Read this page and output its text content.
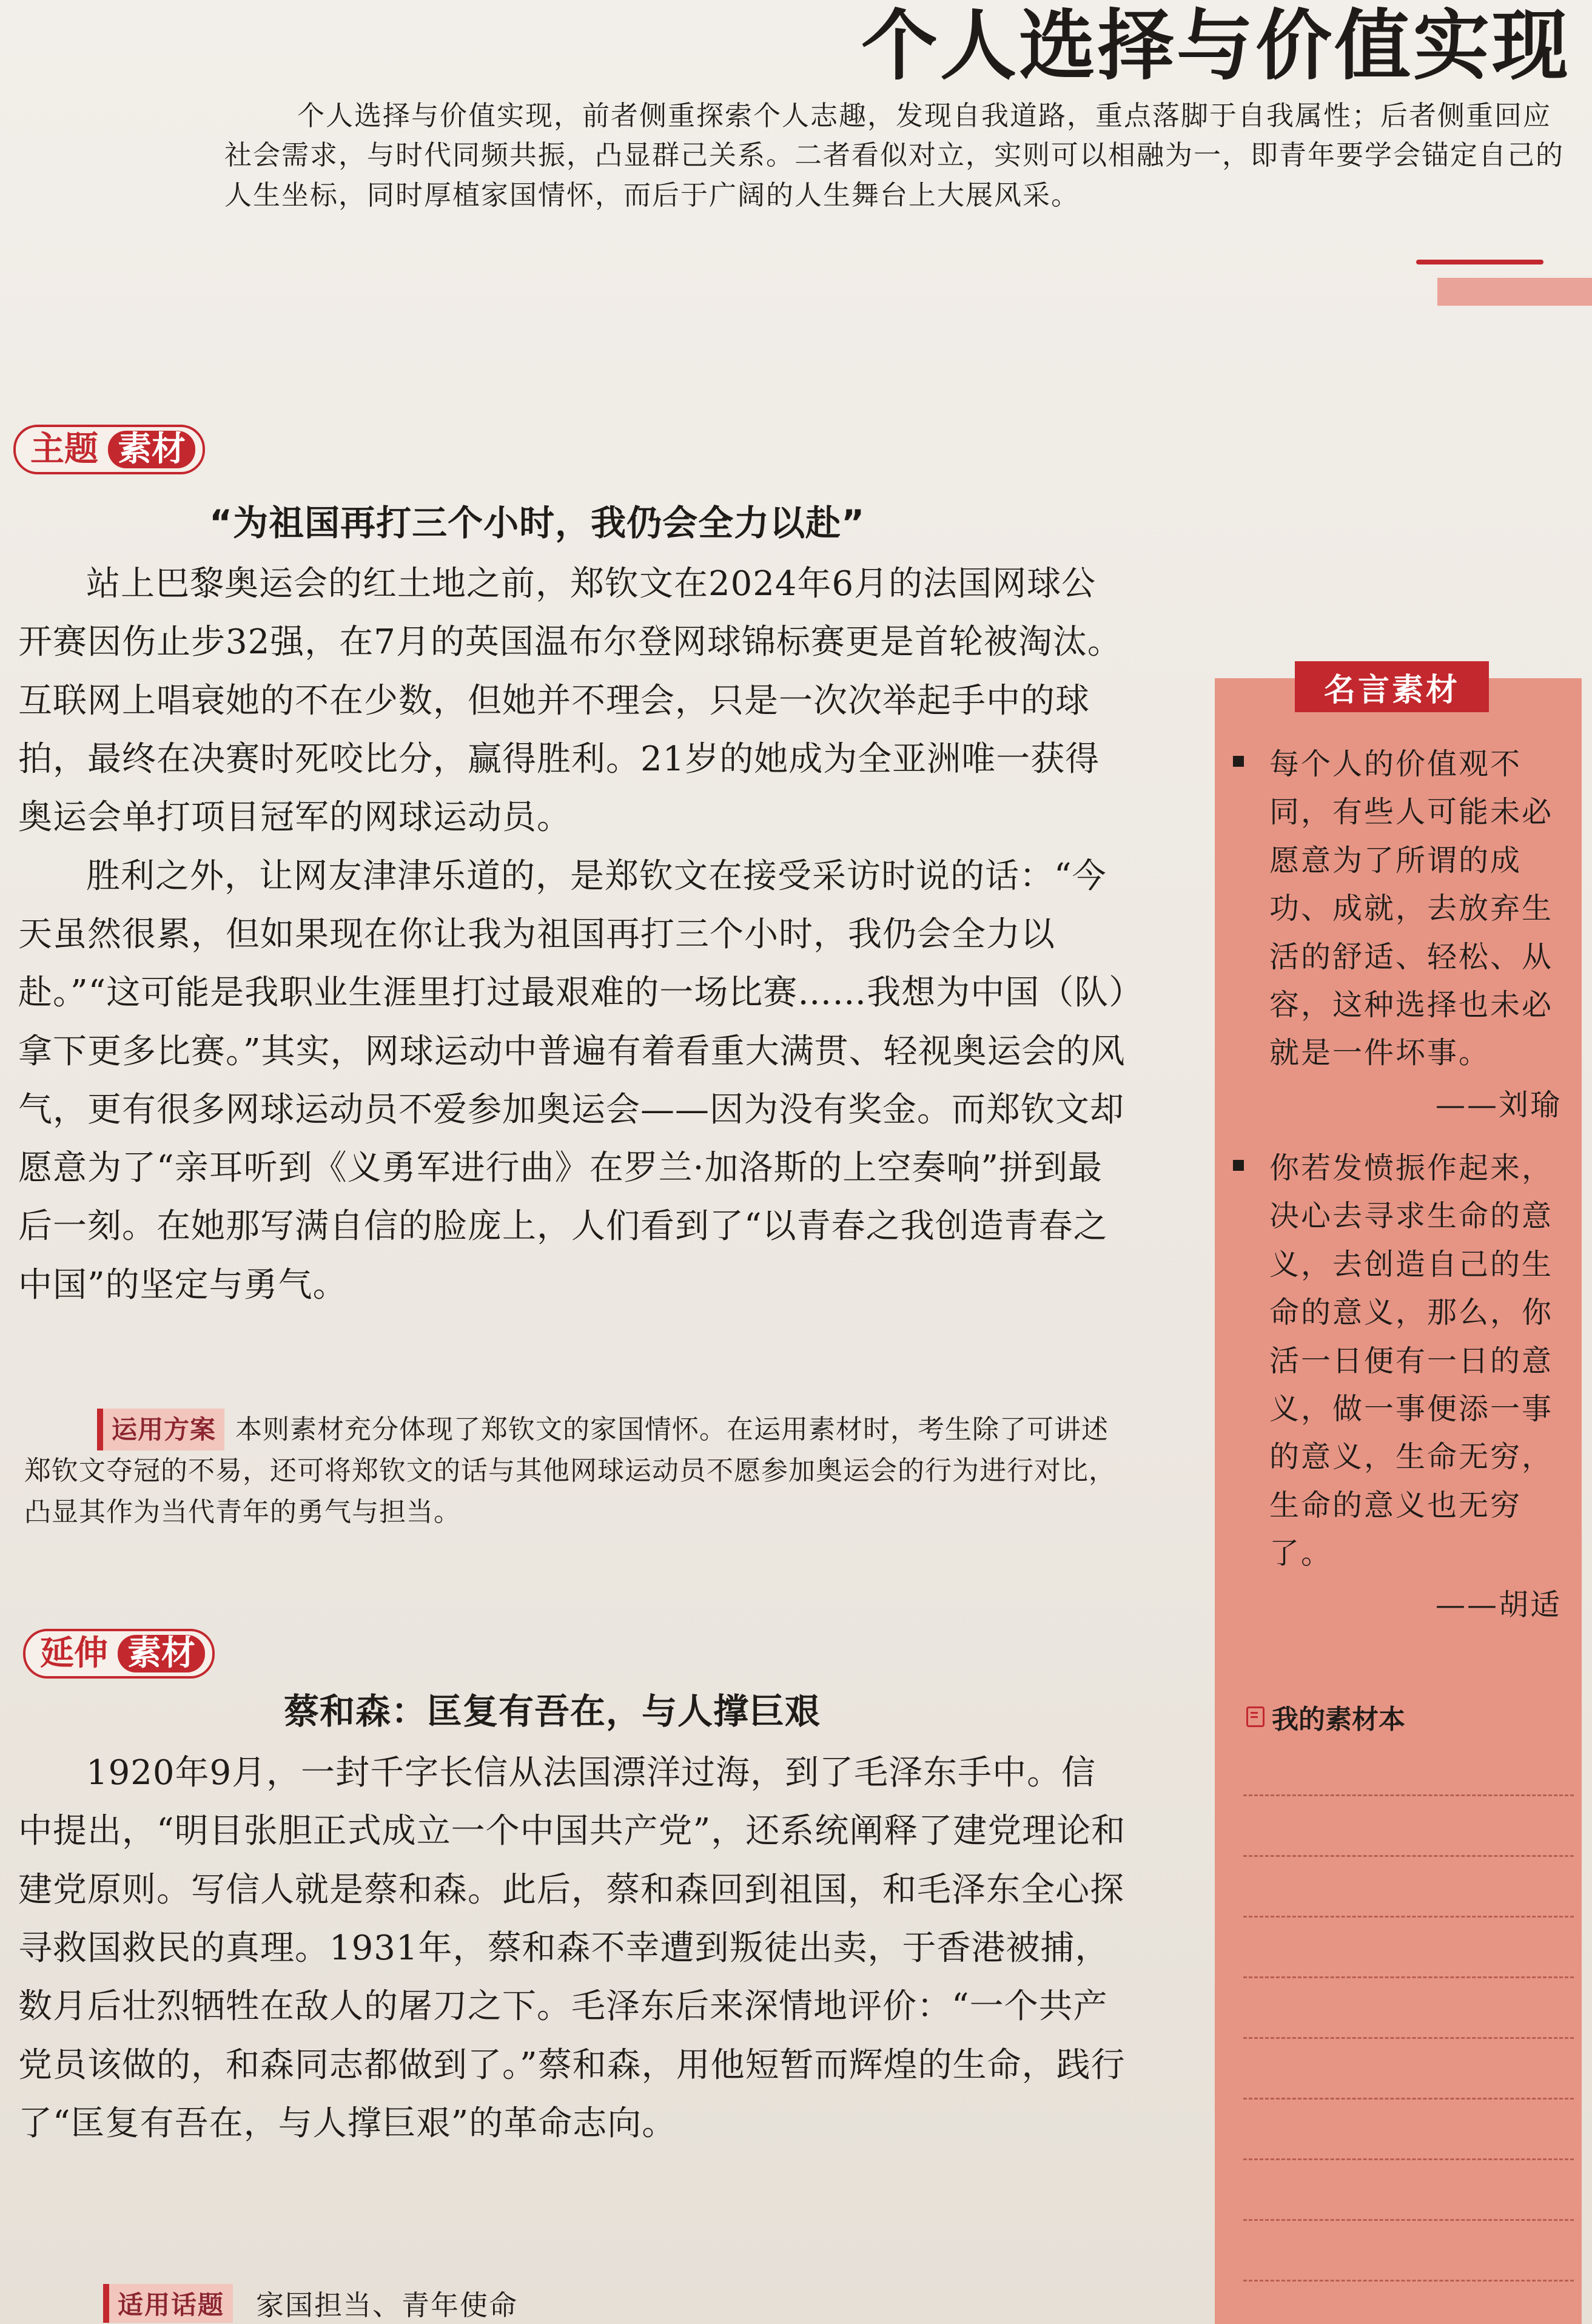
个人选择与价值实现
个人选择与价值实现，前者侧重探索个人志趣，发现自我道路，重点落脚于自我属性；后者侧重回应社会需求，与时代同频共振，凸显群己关系。二者看似对立，实则可以相融为一，即青年要学会锚定自己的人生坐标，同时厚植家国情怀，而后于广阔的人生舞台上大展风采。
主题 素材
“为祖国再打三个小时，我仍会全力以赴”

站上巴黎奥运会的红土地之前，郑钦文在2024年6月的法国网球公开赛因伤止步32强，在7月的英国温布尔登网球锦标赛更是首轮被淘汰。互联网上唱衰她的不在少数，但她并不理会，只是一次次举起手中的球拍，最终在决赛时死咬比分，赢得胜利。21岁的她成为全亚洲唯一获得奥运会单打项目冠军的网球运动员。

胜利之外，让网友津津乐道的，是郑钦文在接受采访时说的话：“今天虽然很累，但如果现在你让我为祖国再打三个小时，我仍会全力以赴。”“这可能是我职业生涯里打过最艰难的一场比赛……我想为中国（队）拿下更多比赛。”其实，网球运动中普遍有着看重大满贯、轻视奥运会的风气，更有很多网球运动员不爱参加奥运会——因为没有奖金。而郑钦文却愿意为了“亲耳听到《义勇军进行曲》在罗兰·加洛斯的上空奏响”拼到最后一刻。在她那写满自信的脸庞上，人们看到了“以青春之我创造青春之中国”的坚定与勇气。

运用方案 本则素材充分体现了郑钦文的家国情怀。在运用素材时，考生除了可讲述郑钦文夺冠的不易，还可将郑钦文的话与其他网球运动员不愿参加奥运会的行为进行对比，凸显其作为当代青年的勇气与担当。
延伸 素材
蔡和森：匡复有吾在，与人撑巨艰

1920年9月，一封千字长信从法国漂洋过海，到了毛泽东手中。信中提出，“明目张胆正式成立一个中国共产党”，还系统阐释了建党理论和建党原则。写信人就是蔡和森。此后，蔡和森回到祖国，和毛泽东全心探寻救国救民的真理。1931年，蔡和森不幸遭到叛徒出卖，于香港被捕，数月后壮烈牺牲在敌人的屠刀之下。毛泽东后来深情地评价：“一个共产党员该做的，和森同志都做到了。”蔡和森，用他短暂而辉煌的生命，践行了“匡复有吾在，与人撑巨艰”的革命志向。

适用话题	家国担当、青年使命
名言素材
每个人的价值观不同，有些人可能未必愿意为了所谓的成功、成就，去放弃生活的舒适、轻松、从容，这种选择也未必就是一件坏事。
——刘瑜
你若发愤振作起来，决心去寻求生命的意义，去创造自己的生命的意义，那么，你活一日便有一日的意义，做一事便添一事的意义，生命无穷，生命的意义也无穷了。
——胡适
我的素材本
